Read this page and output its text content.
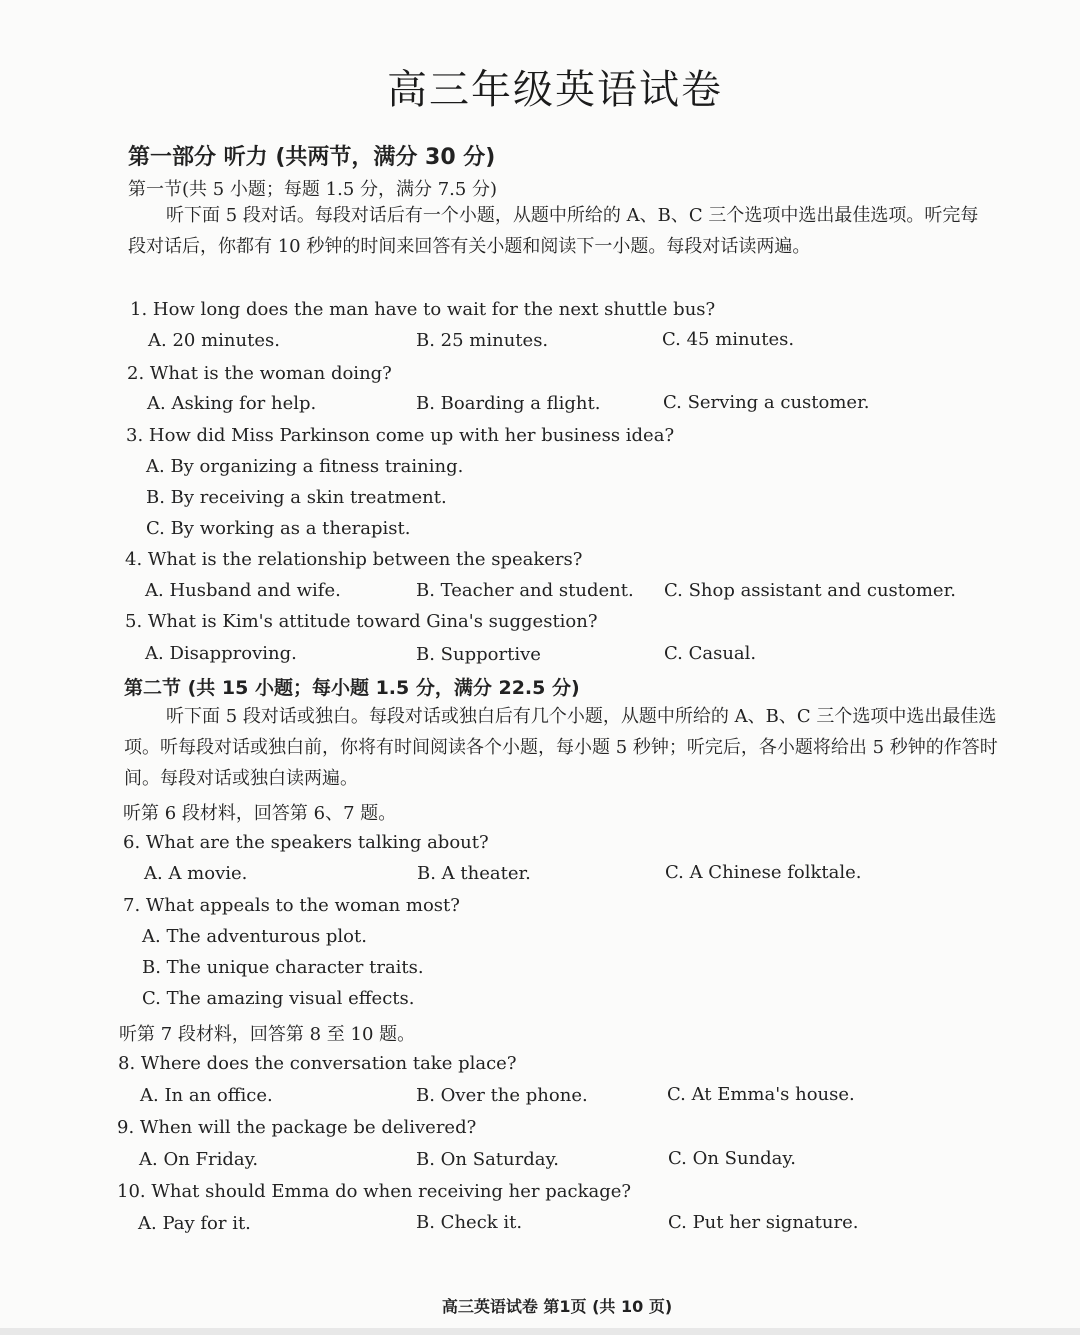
高三年级英语试卷
第一部分 听力 (共两节，满分 30 分)
第一节(共 5 小题；每题 1.5 分，满分 7.5 分)
听下面 5 段对话。每段对话后有一个小题，从题中所给的 A、B、C 三个选项中选出最佳选项。听完每段对话后，你都有 10 秒钟的时间来回答有关小题和阅读下一小题。每段对话读两遍。
1. How long does the man have to wait for the next shuttle bus?
A. 20 minutes.	B. 25 minutes.	C. 45 minutes.
2. What is the woman doing?
A. Asking for help.	B. Boarding a flight.	C. Serving a customer.
3. How did Miss Parkinson come up with her business idea?
A. By organizing a fitness training.
B. By receiving a skin treatment.
C. By working as a therapist.
4. What is the relationship between the speakers?
A. Husband and wife.	B. Teacher and student. C. Shop assistant and customer.
5. What is Kim's attitude toward Gina's suggestion?
A. Disapproving.	B. Supportive	C. Casual.
第二节 (共 15 小题；每小题 1.5 分，满分 22.5 分)
听下面 5 段对话或独白。每段对话或独白后有几个小题，从题中所给的 A、B、C 三个选项中选出最佳选项。听每段对话或独白前，你将有时间阅读各个小题，每小题 5 秒钟；听完后，各小题将给出 5 秒钟的作答时间。每段对话或独白读两遍。
听第 6 段材料，回答第 6、7 题。
6. What are the speakers talking about?
A. A movie.	B. A theater.	C. A Chinese folktale.
7. What appeals to the woman most?
A. The adventurous plot.
B. The unique character traits.
C. The amazing visual effects.
听第 7 段材料，回答第 8 至 10 题。
8. Where does the conversation take place?
A. In an office.	B. Over the phone.	C. At Emma's house.
9. When will the package be delivered?
A. On Friday.	B. On Saturday.	C. On Sunday.
10. What should Emma do when receiving her package?
A. Pay for it.	B. Check it.	C. Put her signature.
高三英语试卷 第1页 (共 10 页)
